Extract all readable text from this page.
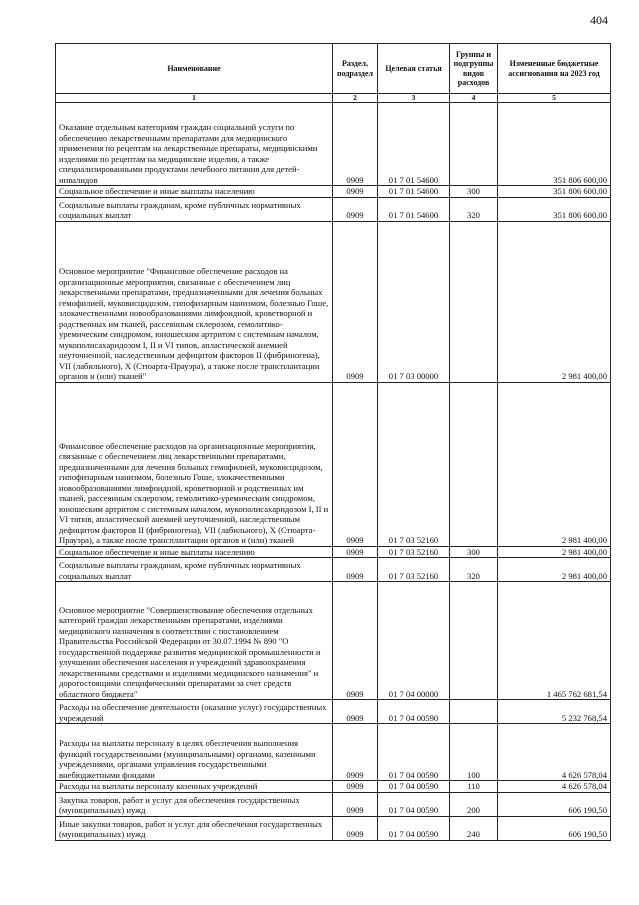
404
Наименование	Раздел, подраздел	Целевая статья	Группы и подгруппы видов расходов	Измененные бюджетные ассигнования на 2023 год
1	2	3	4	5
Оказание отдельным категориям граждан социальной услуги по обеспечению лекарственными препаратами для медицинского применения по рецептам на лекарственные препараты, медицинскими изделиями по рецептам на медицинские изделия, а также специализированными продуктами лечебного питания для детей-инвалидов	0909	01 7 01 54600		351 806 600,00
Социальное обеспечение и иные выплаты населению	0909	01 7 01 54600	300	351 806 600,00
Социальные выплаты гражданам, кроме публичных нормативных социальных выплат	0909	01 7 01 54600	320	351 806 600,00
Основное мероприятие "Финансовое обеспечение расходов на организационные мероприятия, связанные с обеспечением лиц лекарственными препаратами, предназначенными для лечения больных гемофилией, муковисцидозом, гипофизарным нанизмом, болезнью Гоше, злокачественными новообразованиями лимфоидной, кроветворной и родственных им тканей, рассеянным склерозом, гемолитико-уремическим синдромом, юношеским артритом с системным началом, мукополисахаридозом I, II и VI типов, апластической анемией неуточненной, наследственным дефицитом факторов II (фибриногена), VII (лабильного), X (Стюарта-Прауэра), а также после трансплантации органов и (или) тканей"	0909	01 7 03 00000		2 981 400,00
Финансовое обеспечение расходов на организационные мероприятия, связанные с обеспечением лиц лекарственными препаратами, предназначенными для лечения больных гемофилией, муковисцидозом, гипофизарным нанизмом, болезнью Гоше, злокачественными новообразованиями лимфоидной, кроветворной и родственных им тканей, рассеянным склерозом, гемолитико-уремическим синдромом, юношеским артритом с системным началом, мукополисахаридозом I, II и VI типов, апластической анемией неуточненной, наследственным дефицитом факторов II (фибриногена), VII (лабильного), X (Стюарта-Прауэра), а также после трансплантации органов и (или) тканей	0909	01 7 03 52160		2 981 400,00
Социальное обеспечение и иные выплаты населению	0909	01 7 03 52160	300	2 981 400,00
Социальные выплаты гражданам, кроме публичных нормативных социальных выплат	0909	01 7 03 52160	320	2 981 400,00
Основное мероприятие "Совершенствование обеспечения отдельных категорий граждан лекарственными препаратами, изделиями медицинского назначения в соответствии с постановлением Правительства Российской Федерации от 30.07.1994 № 890 "О государственной поддержке развития медицинской промышленности и улучшении обеспечения населения и учреждений здравоохранения лекарственными средствами и изделиями медицинского назначения" и дорогостоящими специфическими препаратами за счет средств областного бюджета"	0909	01 7 04 00000		1 465 762 681,54
Расходы на обеспечение деятельности (оказание услуг) государственных учреждений	0909	01 7 04 00590		5 232 768,54
Расходы на выплаты персоналу в целях обеспечения выполнения функций государственными (муниципальными) органами, казенными учреждениями, органами управления государственными внебюджетными фондами	0909	01 7 04 00590	100	4 626 578,04
Расходы на выплаты персоналу казенных учреждений	0909	01 7 04 00590	110	4 626 578,04
Закупка товаров, работ и услуг для обеспечения государственных (муниципальных) нужд	0909	01 7 04 00590	200	606 190,50
Иные закупки товаров, работ и услуг для обеспечения государственных (муниципальных) нужд	0909	01 7 04 00590	240	606 190,50
